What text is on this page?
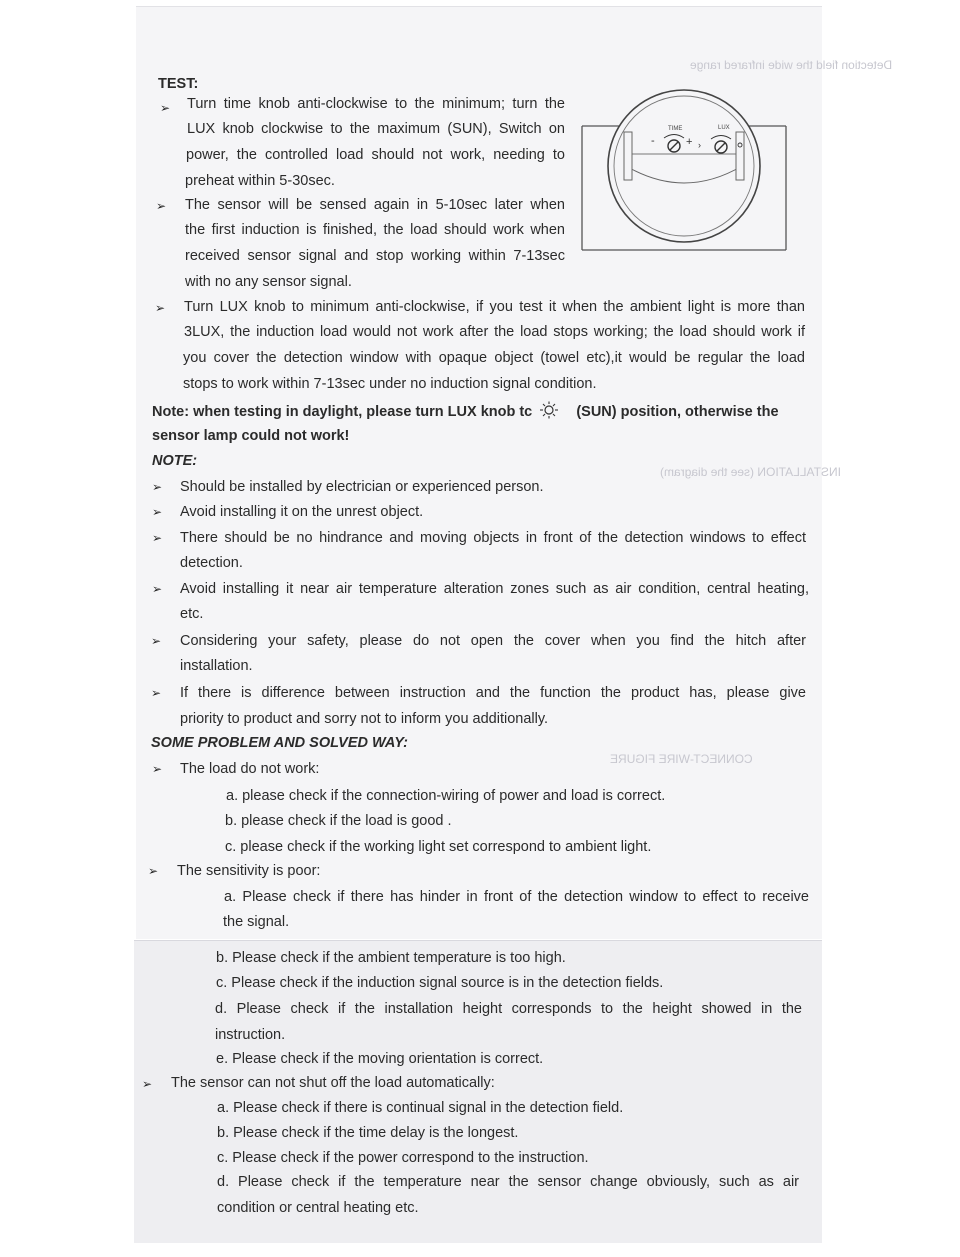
TEST:
➢ Turn time knob anti-clockwise to the minimum; turn the
LUX knob clockwise to the maximum (SUN), Switch on
power, the controlled load should not work, needing to
preheat within 5-30sec.
➢ The sensor will be sensed again in 5-10sec later when
the first induction is finished, the load should work when
received sensor signal and stop working within 7-13sec
with no any sensor signal.
➢ Turn LUX knob to minimum anti-clockwise, if you test it when the ambient light is more than
3LUX, the induction load would not work after the load stops working; the load should work if
you cover the detection window with opaque object (towel etc),it would be regular the load
stops to work within 7-13sec under no induction signal condition.
Note: when testing in daylight, please turn LUX knob tc	(SUN) position, otherwise the
sensor lamp could not work!
TIME	LUX
-	+ ›
Detection field the wide infrared range
INSTALLATION (see the diagram)
CONNECT-WIRE FIGURE
NOTE:
➢ Should be installed by electrician or experienced person.
➢ Avoid installing it on the unrest object.
➢ There should be no hindrance and moving objects in front of the detection windows to effect
detection.
➢ Avoid installing it near air temperature alteration zones such as air condition, central heating,
etc.
➢ Considering your safety, please do not open the cover when you find the hitch after
installation.
➢ If there is difference between instruction and the function the product has, please give
priority to product and sorry not to inform you additionally.
SOME PROBLEM AND SOLVED WAY:
➢ The load do not work:
a. please check if the connection-wiring of power and load is correct.
b. please check if the load is good .
c. please check if the working light set correspond to ambient light.
➢ The sensitivity is poor:
a. Please check if there has hinder in front of the detection window to effect to receive
the signal.
b. Please check if the ambient temperature is too high.
c. Please check if the induction signal source is in the detection fields.
d. Please check if the installation height corresponds to the height showed in the
instruction.
e. Please check if the moving orientation is correct.
➢ The sensor can not shut off the load automatically:
a. Please check if there is continual signal in the detection field.
b. Please check if the time delay is the longest.
c. Please check if the power correspond to the instruction.
d. Please check if the temperature near the sensor change obviously, such as air
condition or central heating etc.
